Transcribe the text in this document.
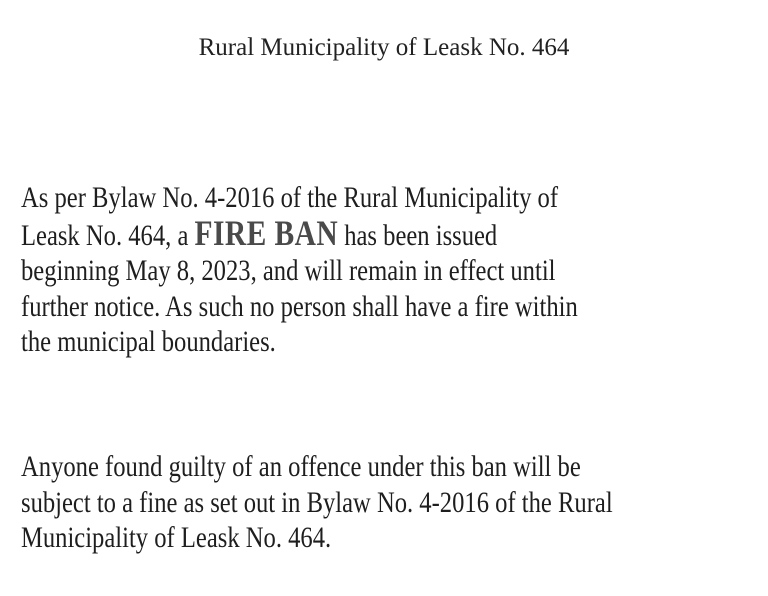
Rural Municipality of Leask No. 464

As per Bylaw No. 4-2016 of the Rural Municipality of
Leask No. 464, a FIRE BAN has been issued
beginning May 8, 2023, and will remain in effect until
further notice. As such no person shall have a fire within
the municipal boundaries.

Anyone found guilty of an offence under this ban will be
subject to a fine as set out in Bylaw No. 4-2016 of the Rural
Municipality of Leask No. 464.
